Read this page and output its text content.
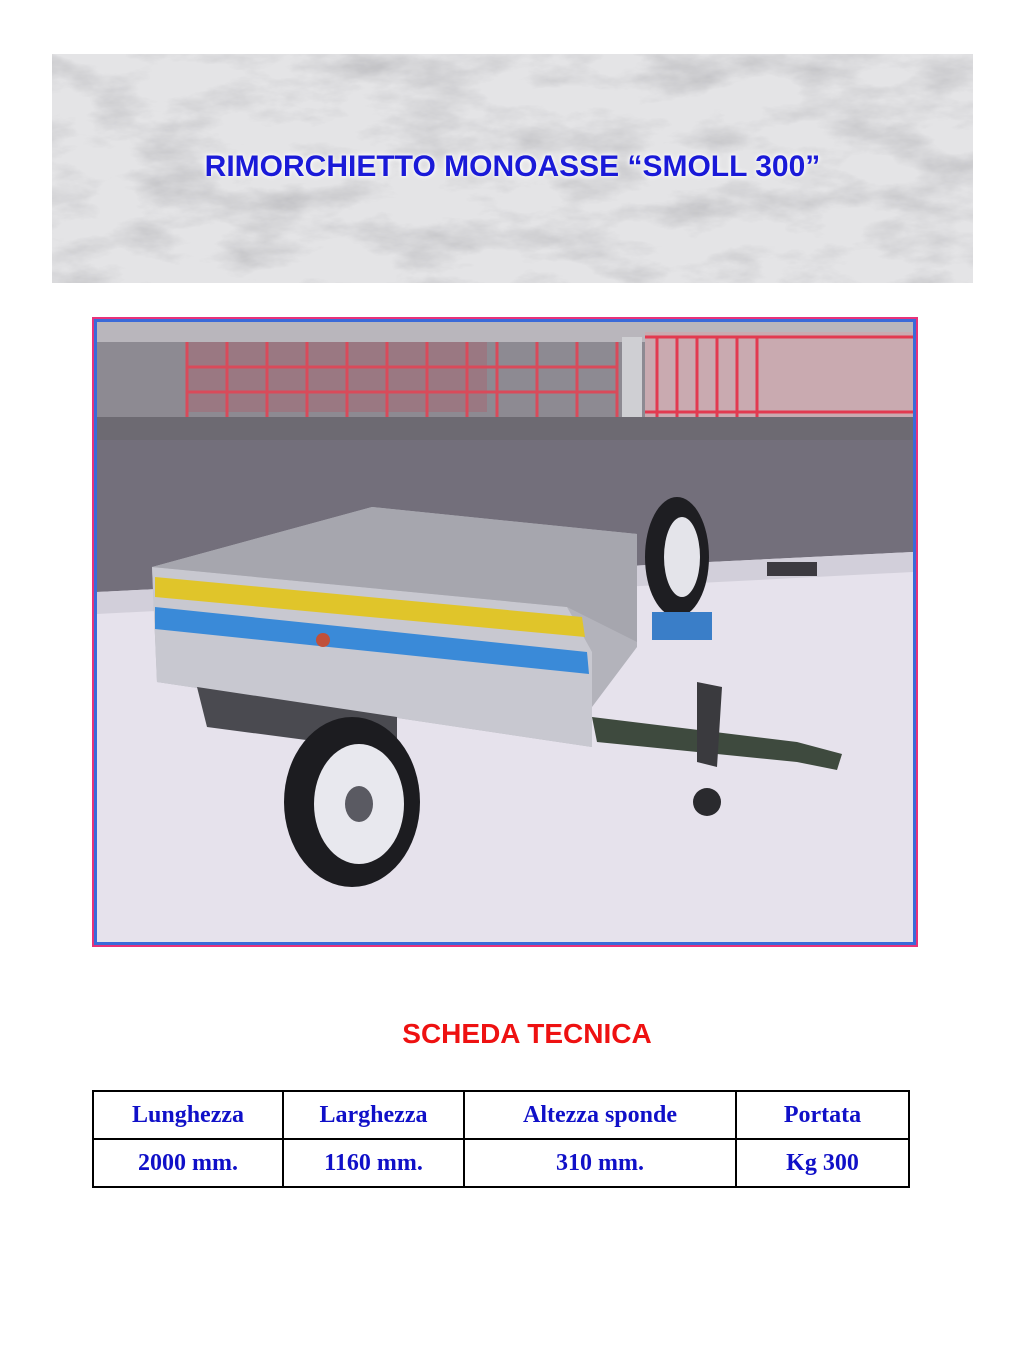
RIMORCHIETTO MONOASSE “SMOLL 300”
SCHEDA TECNICA
Lunghezza	Larghezza	Altezza sponde	Portata
2000 mm.	1160 mm.	310 mm.	Kg 300
